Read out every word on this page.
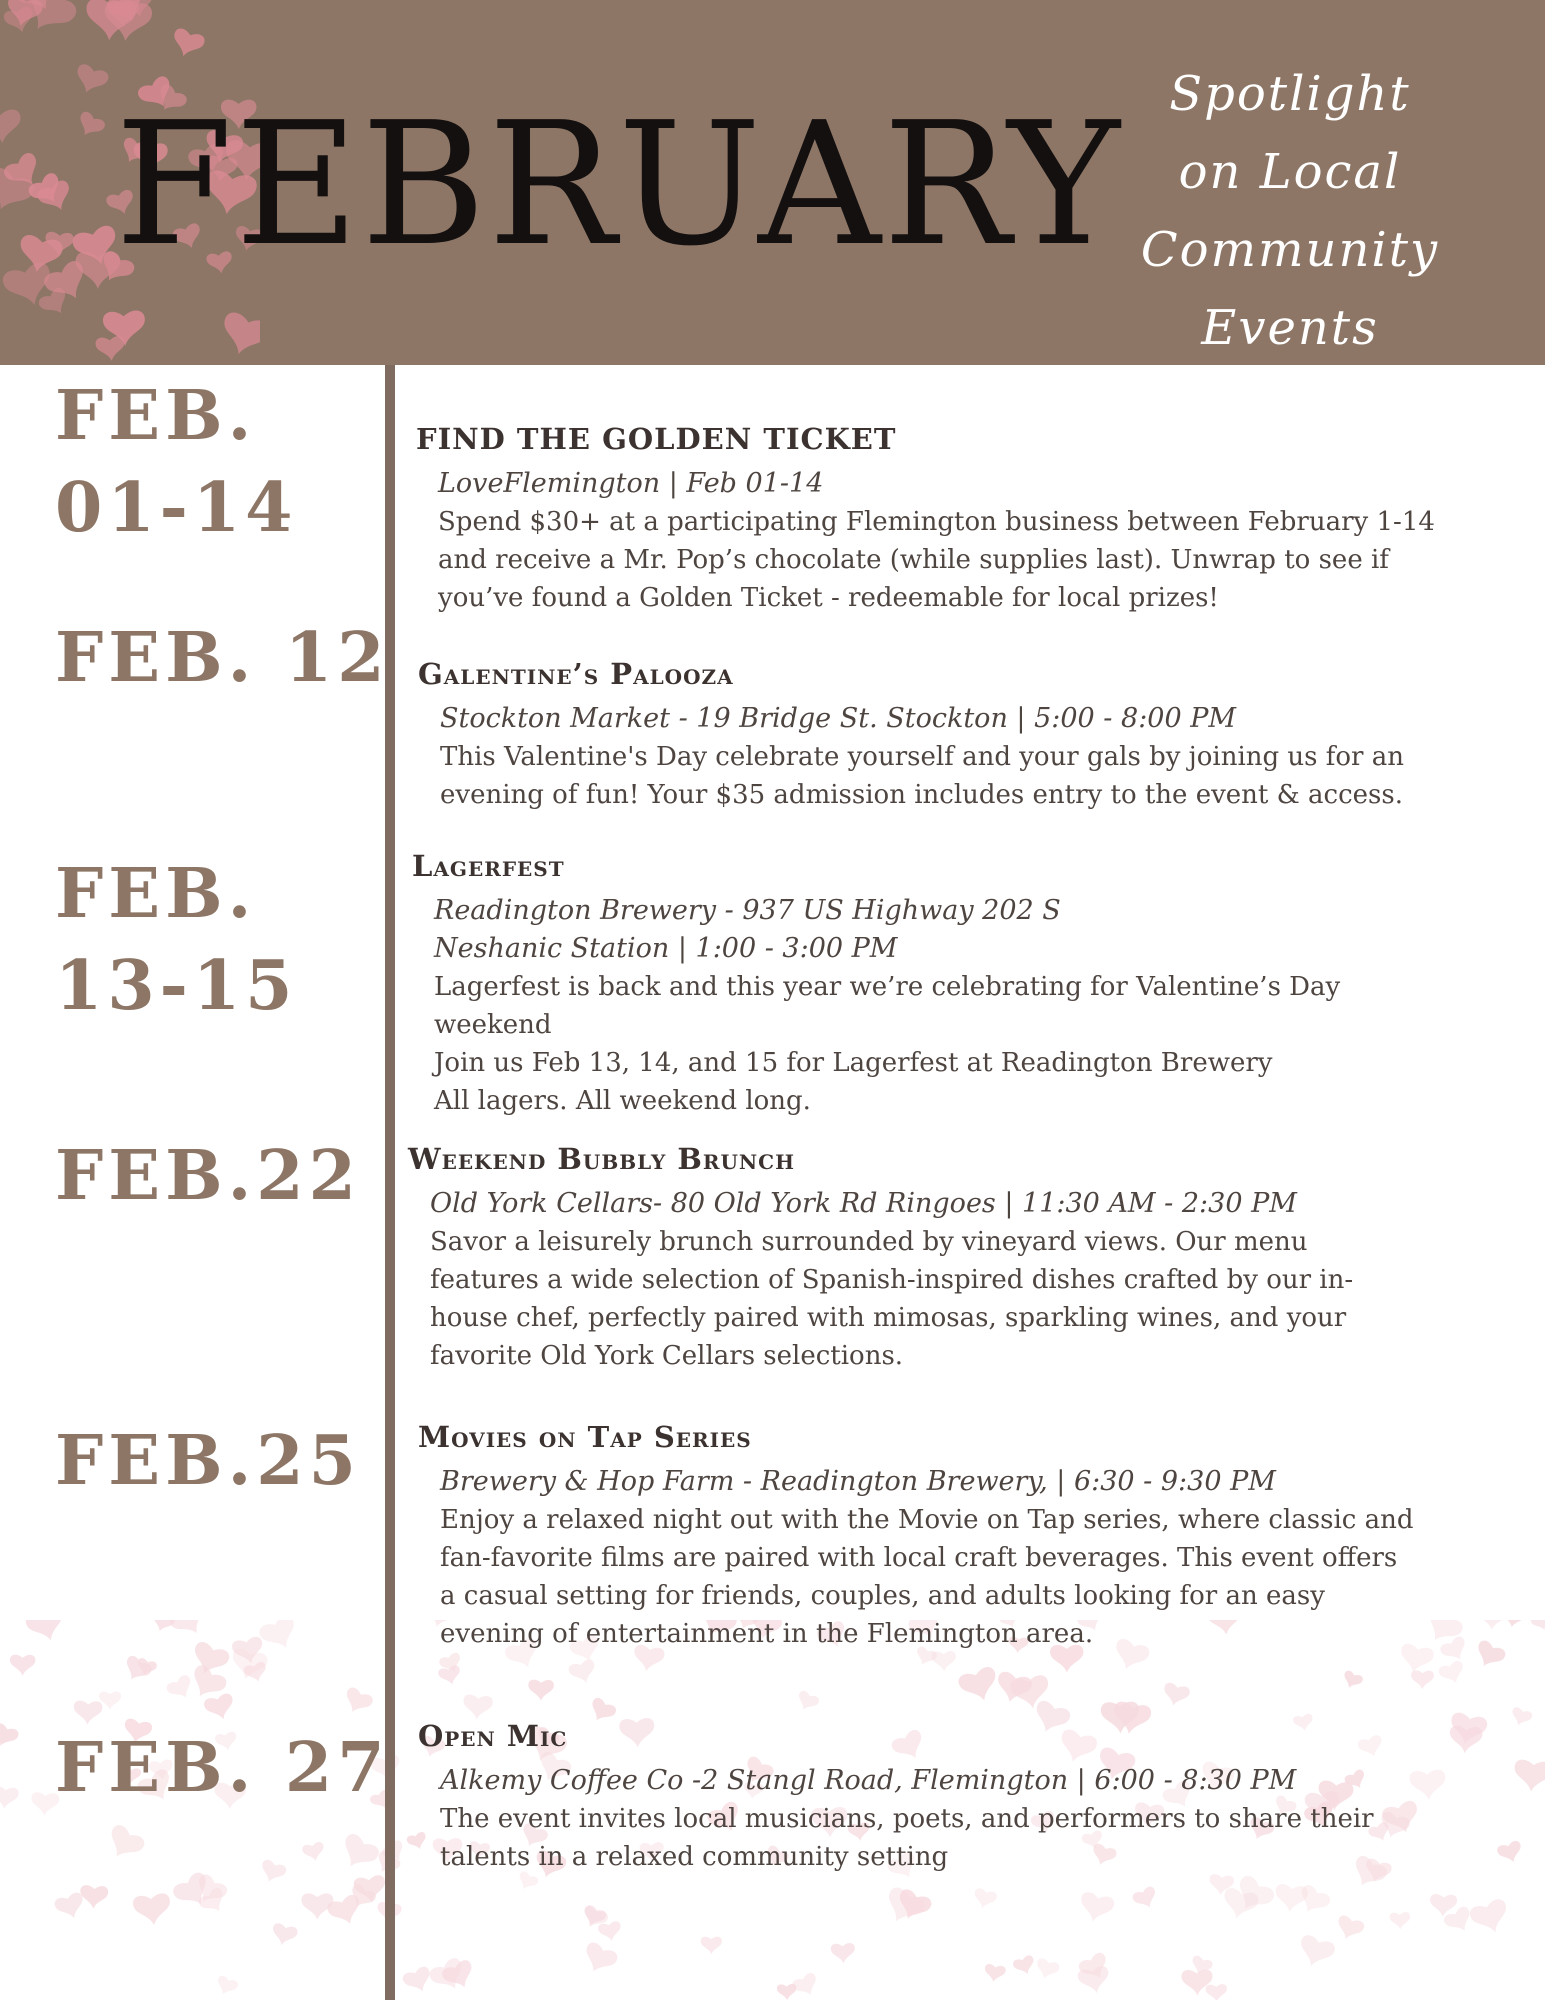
FEBRUARY Spotlight
on Local
Community
Events
FEB.
01-14
FEB. 12
FEB.
13-15
FEB.22
FEB.25
FEB. 27
FIND THE GOLDEN TICKET
LoveFlemington | Feb 01-14
Spend $30+ at a participating Flemington business between February 1-14
and receive a Mr. Pop’s chocolate (while supplies last). Unwrap to see if
you’ve found a Golden Ticket - redeemable for local prizes!
Galentine’s Palooza
Stockton Market - 19 Bridge St. Stockton | 5:00 - 8:00 PM
This Valentine's Day celebrate yourself and your gals by joining us for an
evening of fun! Your $35 admission includes entry to the event & access.
Lagerfest
Readington Brewery - 937 US Highway 202 S
Neshanic Station | 1:00 - 3:00 PM
Lagerfest is back and this year we’re celebrating for Valentine’s Day
weekend
Join us Feb 13, 14, and 15 for Lagerfest at Readington Brewery
All lagers. All weekend long.
Weekend Bubbly Brunch
Old York Cellars- 80 Old York Rd Ringoes | 11:30 AM - 2:30 PM
Savor a leisurely brunch surrounded by vineyard views. Our menu
features a wide selection of Spanish-inspired dishes crafted by our in-
house chef, perfectly paired with mimosas, sparkling wines, and your
favorite Old York Cellars selections.
Movies on Tap Series
Brewery & Hop Farm - Readington Brewery, | 6:30 - 9:30 PM
Enjoy a relaxed night out with the Movie on Tap series, where classic and
fan-favorite films are paired with local craft beverages. This event offers
a casual setting for friends, couples, and adults looking for an easy
evening of entertainment in the Flemington area.
Open Mic
Alkemy Coffee Co -2 Stangl Road, Flemington | 6:00 - 8:30 PM
The event invites local musicians, poets, and performers to share their
talents in a relaxed community setting
